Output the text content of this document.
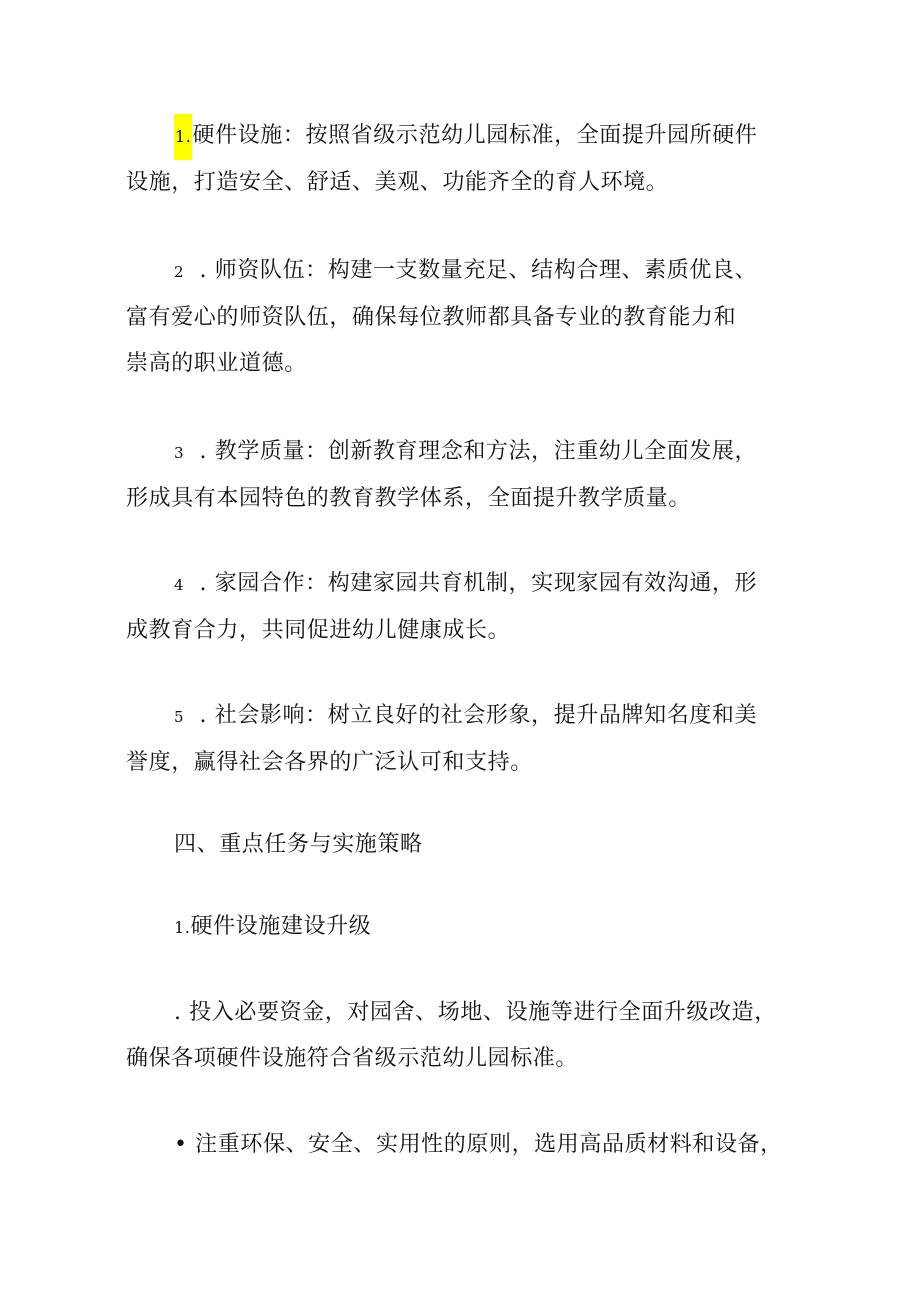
1.硬件设施：按照省级示范幼儿园标准，全面提升园所硬件
设施，打造安全、舒适、美观、功能齐全的育人环境。
2 . 师资队伍：构建一支数量充足、结构合理、素质优良、
富有爱心的师资队伍，确保每位教师都具备专业的教育能力和
崇高的职业道德。
3 . 教学质量：创新教育理念和方法，注重幼儿全面发展，
形成具有本园特色的教育教学体系，全面提升教学质量。
4 . 家园合作：构建家园共育机制，实现家园有效沟通，形
成教育合力，共同促进幼儿健康成长。
5 . 社会影响：树立良好的社会形象，提升品牌知名度和美
誉度，赢得社会各界的广泛认可和支持。
四、重点任务与实施策略
1.硬件设施建设升级
. 投入必要资金，对园舍、场地、设施等进行全面升级改造，
确保各项硬件设施符合省级示范幼儿园标准。
• 注重环保、安全、实用性的原则，选用高品质材料和设备，
